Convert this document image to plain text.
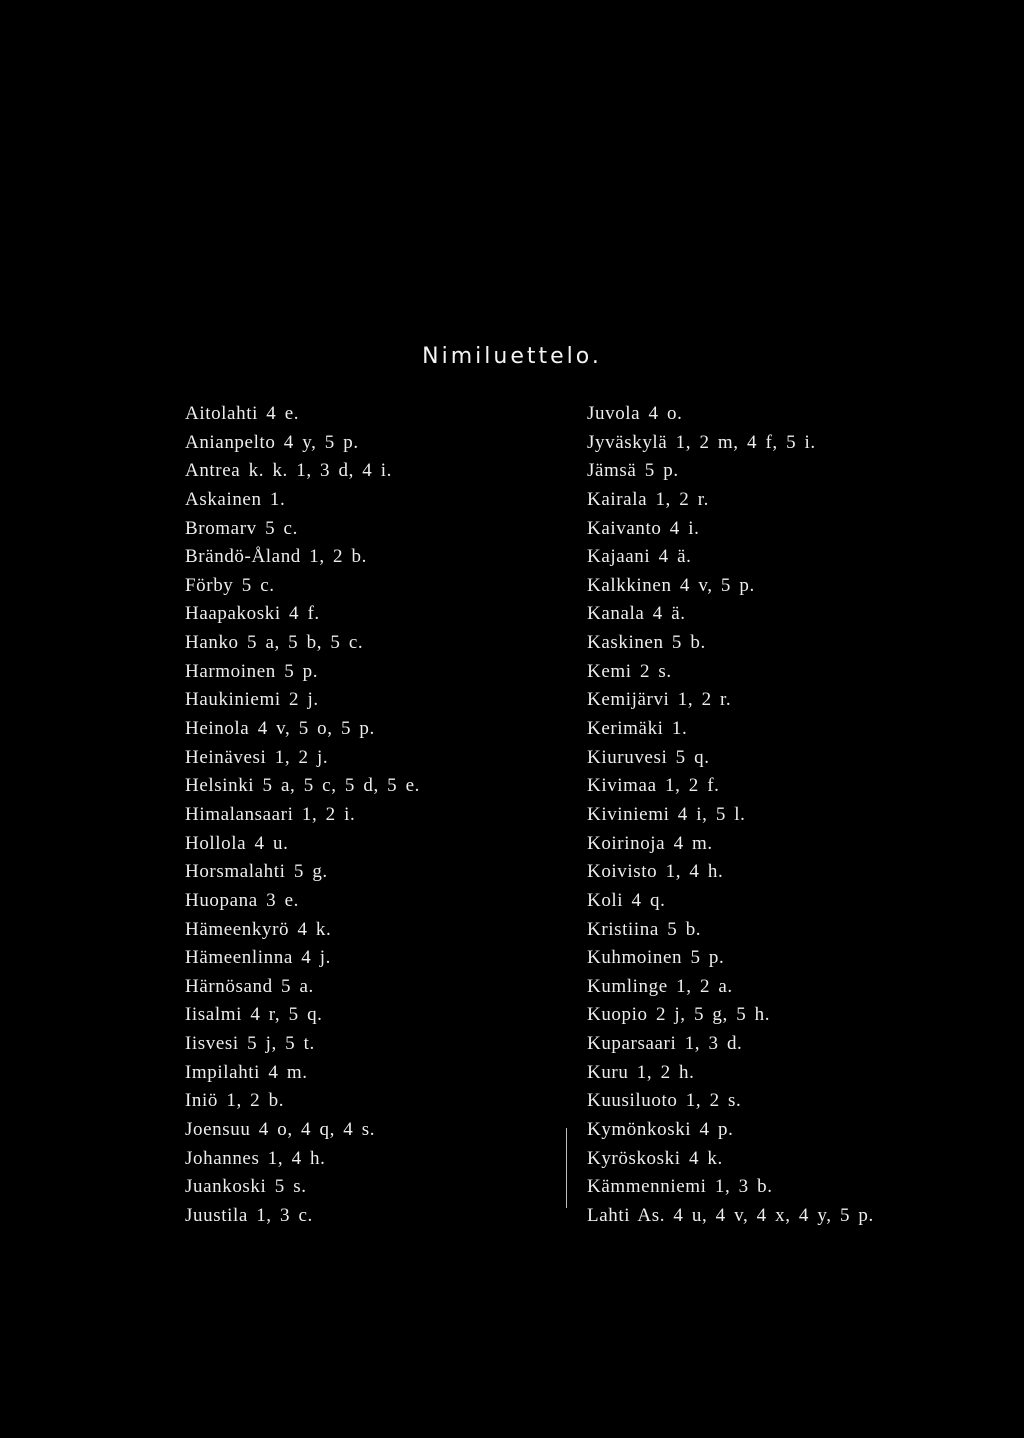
Nimiluettelo.
Aitolahti 4 e.
Anianpelto 4 y, 5 p.
Antrea k. k. 1, 3 d, 4 i.
Askainen 1.
Bromarv 5 c.
Brändö-Åland 1, 2 b.
Förby 5 c.
Haapakoski 4 f.
Hanko 5 a, 5 b, 5 c.
Harmoinen 5 p.
Haukiniemi 2 j.
Heinola 4 v, 5 o, 5 p.
Heinävesi 1, 2 j.
Helsinki 5 a, 5 c, 5 d, 5 e.
Himalansaari 1, 2 i.
Hollola 4 u.
Horsmalahti 5 g.
Huopana 3 e.
Hämeenkyrö 4 k.
Hämeenlinna 4 j.
Härnösand 5 a.
Iisalmi 4 r, 5 q.
Iisvesi 5 j, 5 t.
Impilahti 4 m.
Iniö 1, 2 b.
Joensuu 4 o, 4 q, 4 s.
Johannes 1, 4 h.
Juankoski 5 s.
Juustila 1, 3 c.
Juvola 4 o.
Jyväskylä 1, 2 m, 4 f, 5 i.
Jämsä 5 p.
Kairala 1, 2 r.
Kaivanto 4 i.
Kajaani 4 ä.
Kalkkinen 4 v, 5 p.
Kanala 4 ä.
Kaskinen 5 b.
Kemi 2 s.
Kemijärvi 1, 2 r.
Kerimäki 1.
Kiuruvesi 5 q.
Kivimaa 1, 2 f.
Kiviniemi 4 i, 5 l.
Koirinoja 4 m.
Koivisto 1, 4 h.
Koli 4 q.
Kristiina 5 b.
Kuhmoinen 5 p.
Kumlinge 1, 2 a.
Kuopio 2 j, 5 g, 5 h.
Kuparsaari 1, 3 d.
Kuru 1, 2 h.
Kuusiluoto 1, 2 s.
Kymönkoski 4 p.
Kyröskoski 4 k.
Kämmenniemi 1, 3 b.
Lahti As. 4 u, 4 v, 4 x, 4 y, 5 p.
